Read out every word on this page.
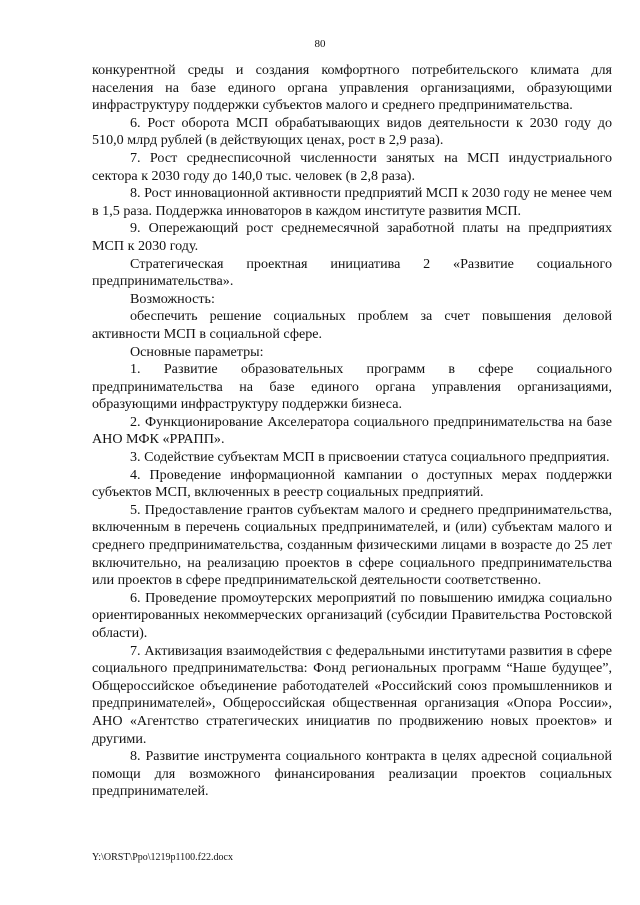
80

конкурентной среды и создания комфортного потребительского климата для населения на базе единого органа управления организациями, образующими инфраструктуру поддержки субъектов малого и среднего предпринимательства.

6. Рост оборота МСП обрабатывающих видов деятельности к 2030 году до 510,0 млрд рублей (в действующих ценах, рост в 2,9 раза).

7. Рост среднесписочной численности занятых на МСП индустриального сектора к 2030 году до 140,0 тыс. человек (в 2,8 раза).

8. Рост инновационной активности предприятий МСП к 2030 году не менее чем в 1,5 раза. Поддержка инноваторов в каждом институте развития МСП.

9. Опережающий рост среднемесячной заработной платы на предприятиях МСП к 2030 году.

Стратегическая проектная инициатива 2 «Развитие социального предпринимательства».

Возможность:

обеспечить решение социальных проблем за счет повышения деловой активности МСП в социальной сфере.

Основные параметры:

1. Развитие образовательных программ в сфере социального предпринимательства на базе единого органа управления организациями, образующими инфраструктуру поддержки бизнеса.

2. Функционирование Акселератора социального предпринимательства на базе АНО МФК «РРАПП».

3. Содействие субъектам МСП в присвоении статуса социального предприятия.

4. Проведение информационной кампании о доступных мерах поддержки субъектов МСП, включенных в реестр социальных предприятий.

5. Предоставление грантов субъектам малого и среднего предпринимательства, включенным в перечень социальных предпринимателей, и (или) субъектам малого и среднего предпринимательства, созданным физическими лицами в возрасте до 25 лет включительно, на реализацию проектов в сфере социального предпринимательства или проектов в сфере предпринимательской деятельности соответственно.

6. Проведение промоутерских мероприятий по повышению имиджа социально ориентированных некоммерческих организаций (субсидии Правительства Ростовской области).

7. Активизация взаимодействия с федеральными институтами развития в сфере социального предпринимательства: Фонд региональных программ “Наше будущее”, Общероссийское объединение работодателей «Российский союз промышленников и предпринимателей», Общероссийская общественная организация «Опора России», АНО «Агентство стратегических инициатив по продвижению новых проектов» и другими.

8. Развитие инструмента социального контракта в целях адресной социальной помощи для возможного финансирования реализации проектов социальных предпринимателей.

Y:\ORST\Ppo\1219p1100.f22.docx
